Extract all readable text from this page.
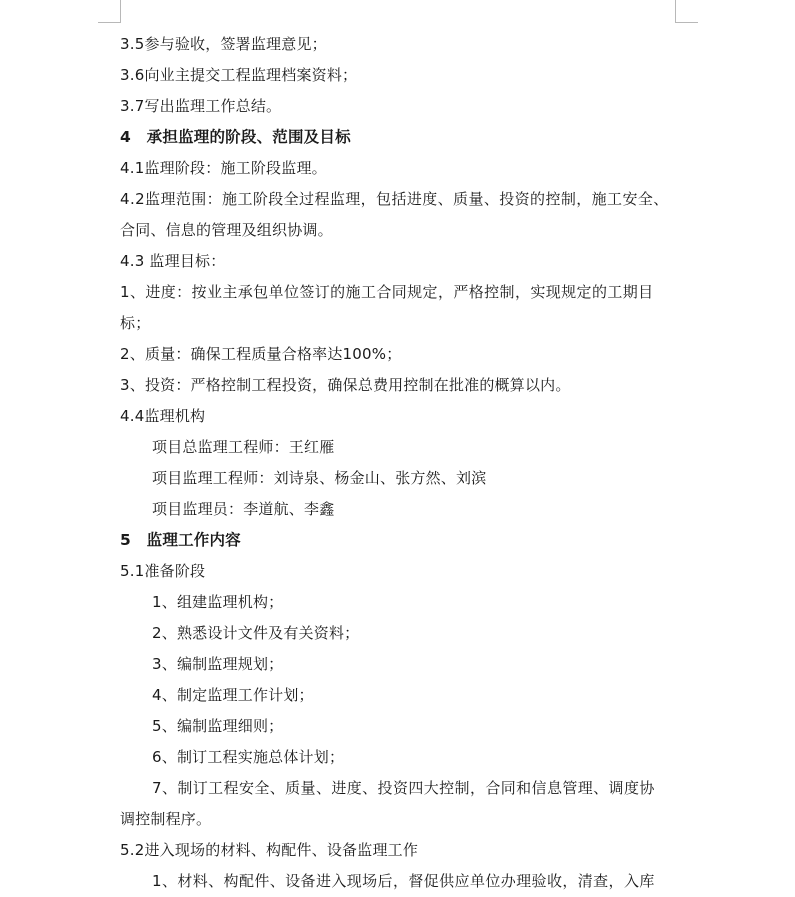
3.5参与验收，签署监理意见；
3.6向业主提交工程监理档案资料；
3.7写出监理工作总结。
4　承担监理的阶段、范围及目标
4.1监理阶段：施工阶段监理。
4.2监理范围：施工阶段全过程监理，包括进度、质量、投资的控制，施工安全、
合同、信息的管理及组织协调。
4.3 监理目标：
1、进度：按业主承包单位签订的施工合同规定，严格控制，实现规定的工期目
标；
2、质量：确保工程质量合格率达100%；
3、投资：严格控制工程投资，确保总费用控制在批准的概算以内。
4.4监理机构
项目总监理工程师：王红雁
项目监理工程师：刘诗泉、杨金山、张方然、刘滨
项目监理员：李道航、李鑫
5　监理工作内容
5.1准备阶段
1、组建监理机构；
2、熟悉设计文件及有关资料；
3、编制监理规划；
4、制定监理工作计划；
5、编制监理细则；
6、制订工程实施总体计划；
7、制订工程安全、质量、进度、投资四大控制，合同和信息管理、调度协
调控制程序。
5.2进入现场的材料、构配件、设备监理工作
1、材料、构配件、设备进入现场后，督促供应单位办理验收，清查，入库
